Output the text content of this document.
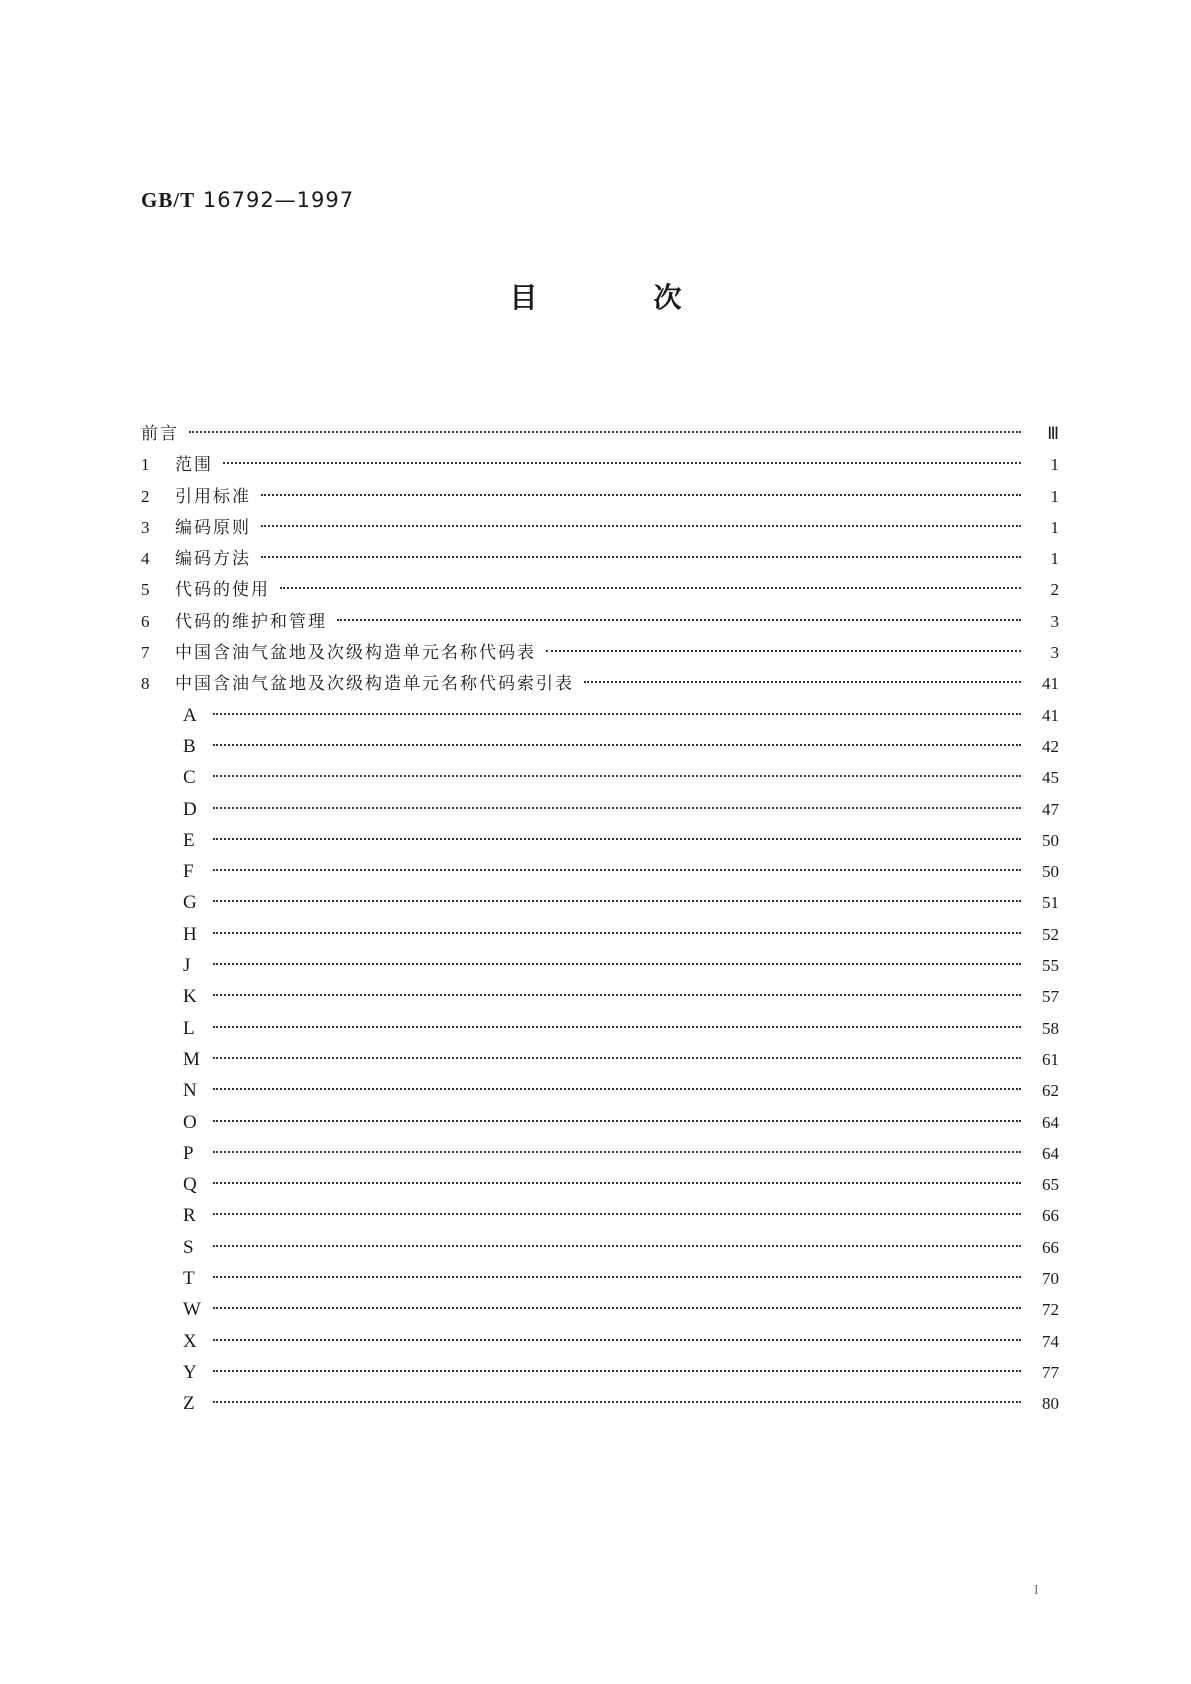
GB/T 16792—1997
目	次
前言	Ⅲ
1	范围	1
2	引用标准	1
3	编码原则	1
4	编码方法	1
5	代码的使用	2
6	代码的维护和管理	3
7	中国含油气盆地及次级构造单元名称代码表	3
8	中国含油气盆地及次级构造单元名称代码索引表	41
A	41
B	42
C	45
D	47
E	50
F	50
G	51
H	52
J	55
K	57
L	58
M	61
N	62
O	64
P	64
Q	65
R	66
S	66
T	70
W	72
X	74
Y	77
Z	80
I
